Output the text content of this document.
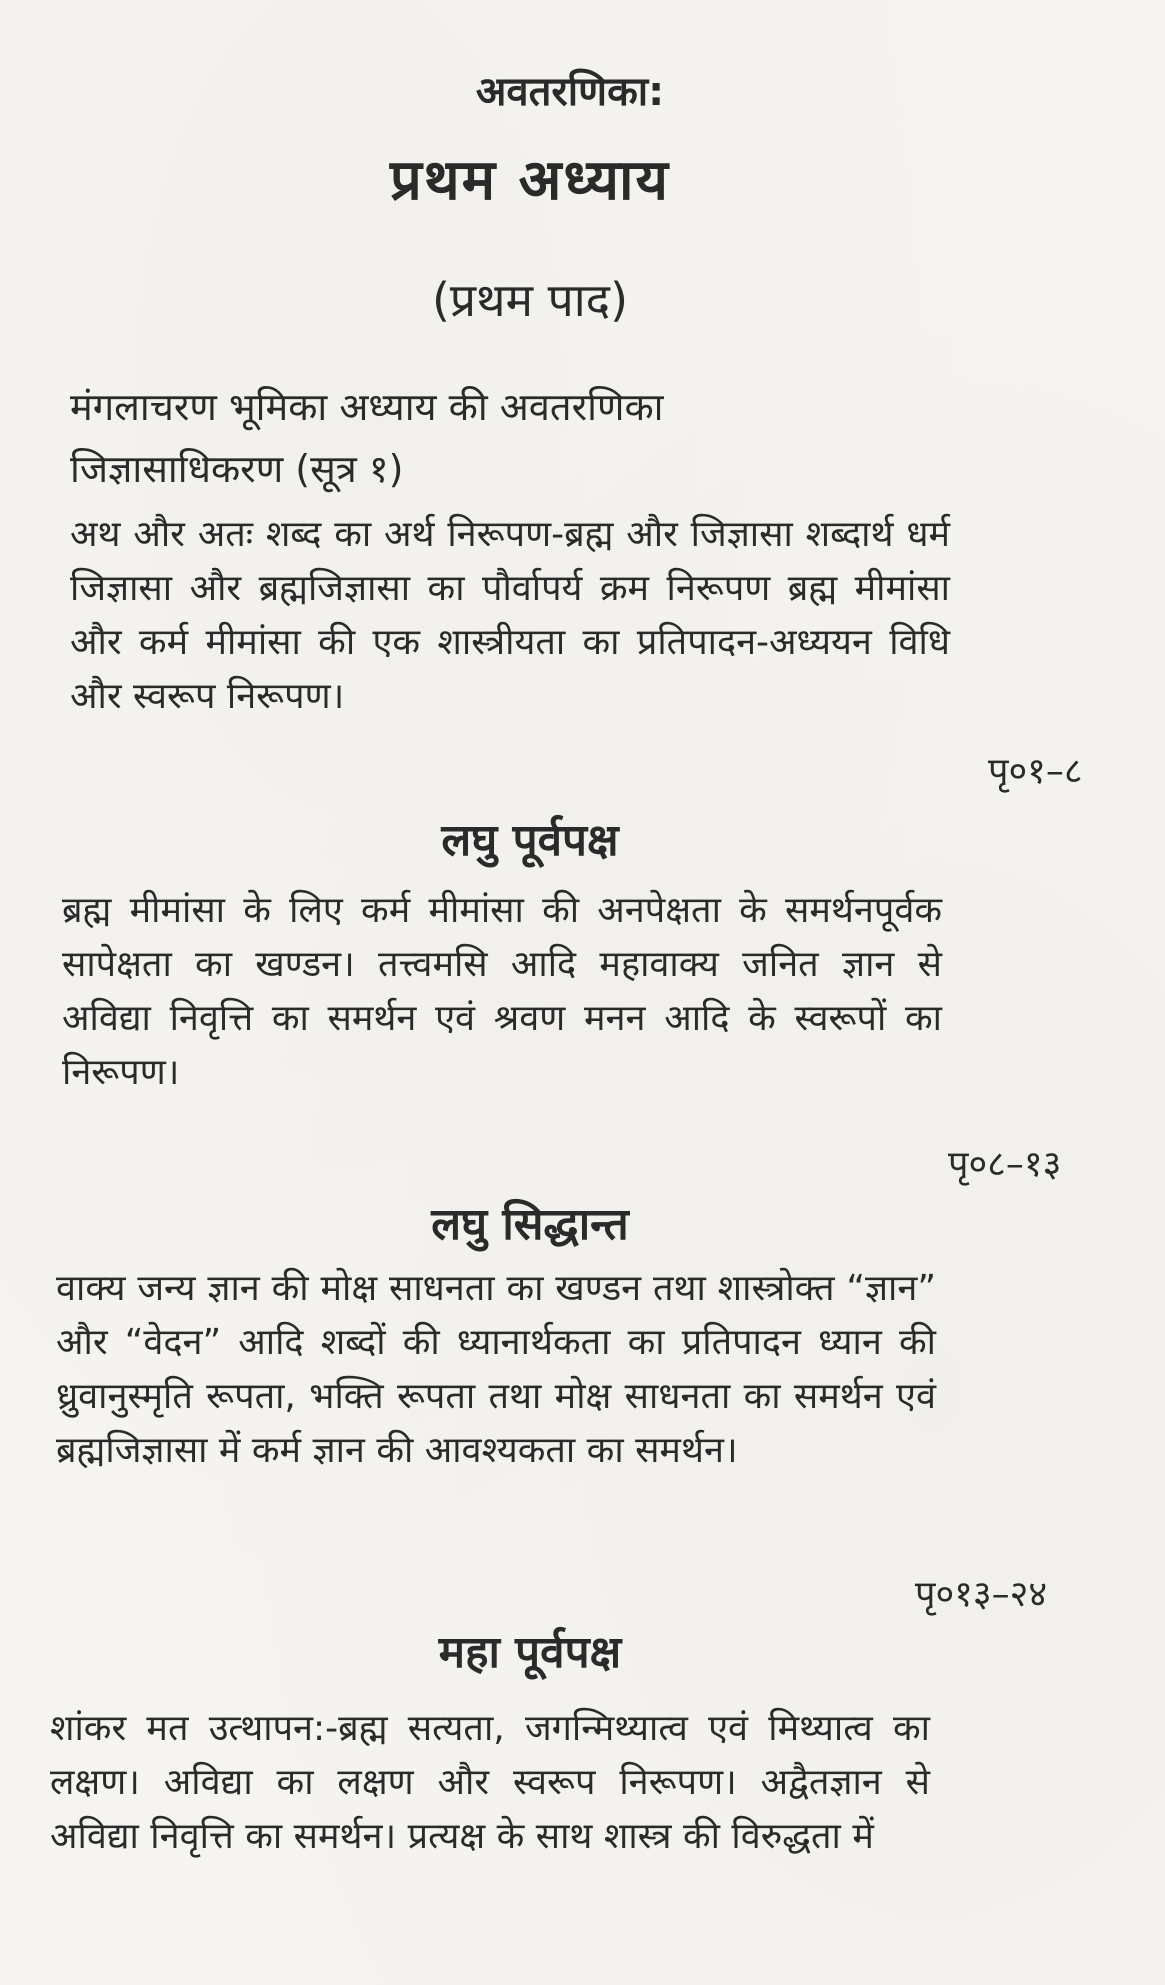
अवतरणिका:
प्रथम अध्याय
(प्रथम पाद)
मंगलाचरण भूमिका अध्याय की अवतरणिका
जिज्ञासाधिकरण (सूत्र १)
अथ और अतः शब्द का अर्थ निरूपण-ब्रह्म और जिज्ञासा शब्दार्थ धर्म जिज्ञासा और ब्रह्मजिज्ञासा का पौर्वापर्य क्रम निरूपण ब्रह्म मीमांसा और कर्म मीमांसा की एक शास्त्रीयता का प्रतिपादन-अध्ययन विधि और स्वरूप निरूपण।
पृ०१–८
लघु पूर्वपक्ष
ब्रह्म मीमांसा के लिए कर्म मीमांसा की अनपेक्षता के समर्थनपूर्वक सापेक्षता का खण्डन। तत्त्वमसि आदि महावाक्य जनित ज्ञान से अविद्या निवृत्ति का समर्थन एवं श्रवण मनन आदि के स्वरूपों का निरूपण।
पृ०८–१३
लघु सिद्धान्त
वाक्य जन्य ज्ञान की मोक्ष साधनता का खण्डन तथा शास्त्रोक्त “ज्ञान” और “वेदन” आदि शब्दों की ध्यानार्थकता का प्रतिपादन ध्यान की ध्रुवानुस्मृति रूपता, भक्ति रूपता तथा मोक्ष साधनता का समर्थन एवं ब्रह्मजिज्ञासा में कर्म ज्ञान की आवश्यकता का समर्थन।
पृ०१३–२४
महा पूर्वपक्ष
शांकर मत उत्थापन:-ब्रह्म सत्यता, जगन्मिथ्यात्व एवं मिथ्यात्व का लक्षण। अविद्या का लक्षण और स्वरूप निरूपण। अद्वैतज्ञान से अविद्या निवृत्ति का समर्थन। प्रत्यक्ष के साथ शास्त्र की विरुद्धता में
